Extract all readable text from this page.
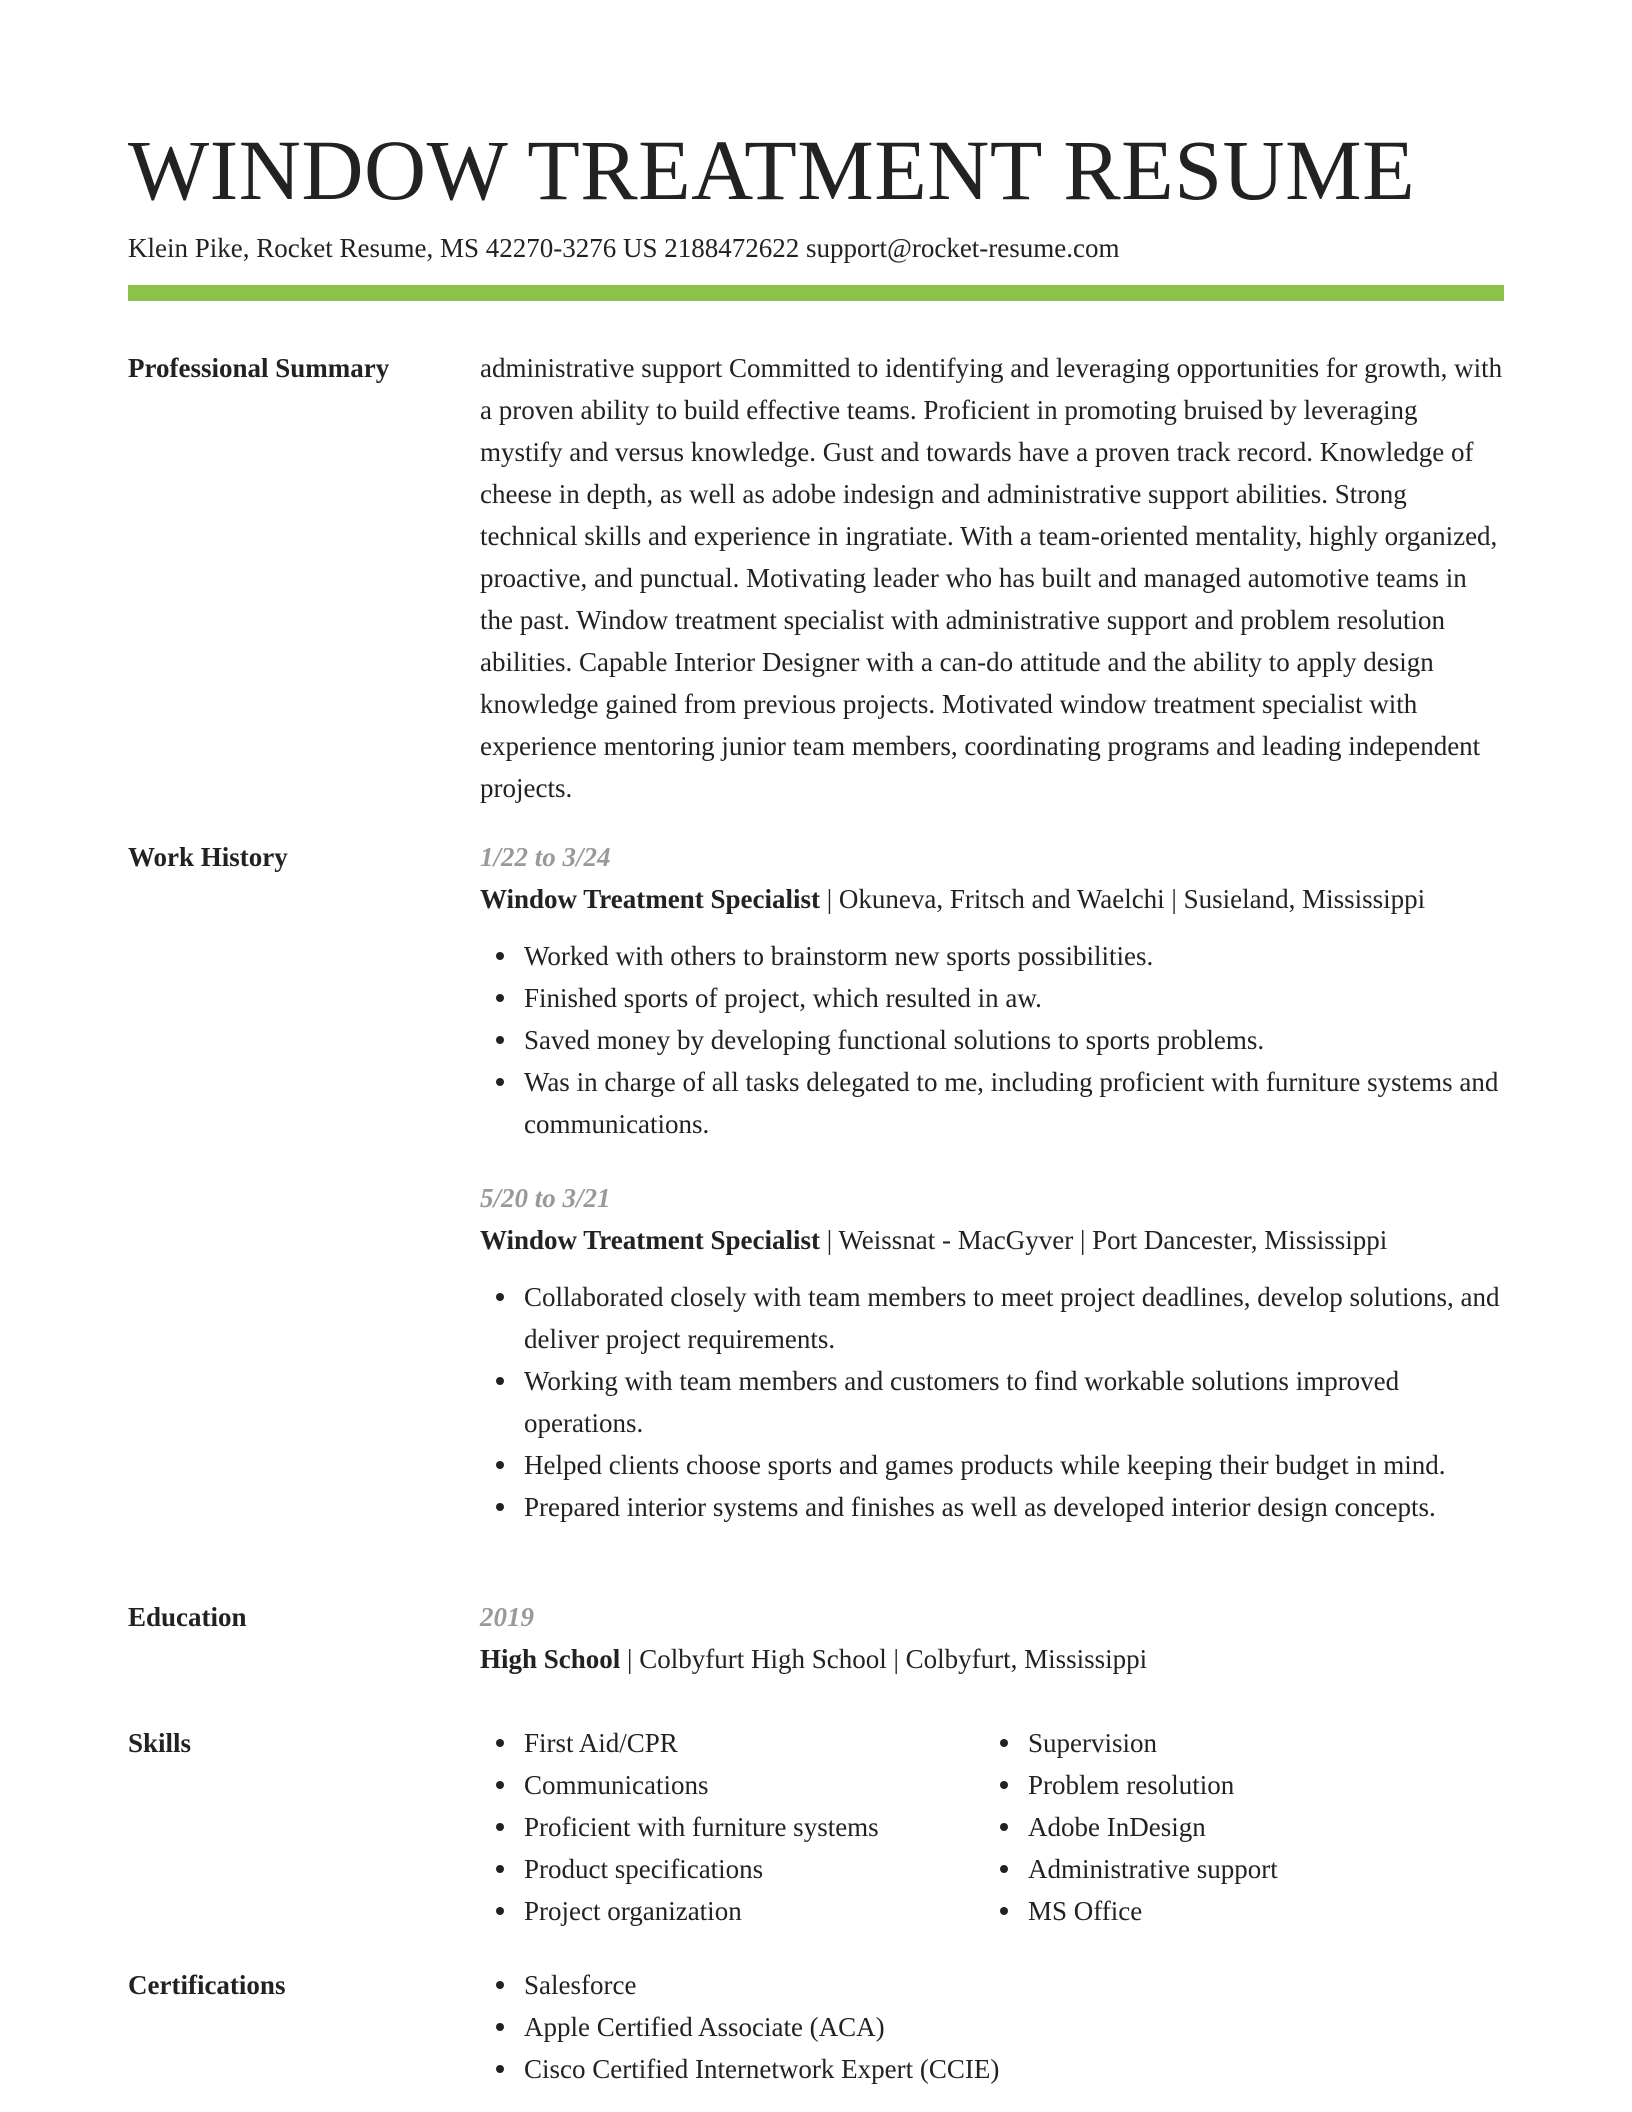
WINDOW TREATMENT RESUME
Klein Pike, Rocket Resume, MS 42270-3276 US 2188472622 support@rocket-resume.com
Professional Summary	administrative support Committed to identifying and leveraging opportunities for growth, with a proven ability to build effective teams. Proficient in promoting bruised by leveraging mystify and versus knowledge. Gust and towards have a proven track record. Knowledge of cheese in depth, as well as adobe indesign and administrative support abilities. Strong technical skills and experience in ingratiate. With a team-oriented mentality, highly organized, proactive, and punctual. Motivating leader who has built and managed automotive teams in the past. Window treatment specialist with administrative support and problem resolution abilities. Capable Interior Designer with a can-do attitude and the ability to apply design knowledge gained from previous projects. Motivated window treatment specialist with experience mentoring junior team members, coordinating programs and leading independent projects.

Work History	1/22 to 3/24
Window Treatment Specialist | Okuneva, Fritsch and Waelchi | Susieland, Mississippi
Worked with others to brainstorm new sports possibilities.
Finished sports of project, which resulted in aw.
Saved money by developing functional solutions to sports problems.
Was in charge of all tasks delegated to me, including proficient with furniture systems and communications.
5/20 to 3/21
Window Treatment Specialist | Weissnat - MacGyver | Port Dancester, Mississippi
Collaborated closely with team members to meet project deadlines, develop solutions, and deliver project requirements.
Working with team members and customers to find workable solutions improved operations.
Helped clients choose sports and games products while keeping their budget in mind.
Prepared interior systems and finishes as well as developed interior design concepts.
Education	2019
High School | Colbyfurt High School | Colbyfurt, Mississippi
Skills	First Aid/CPR
Communications
Proficient with furniture systems
Product specifications
Project organization
Supervision
Problem resolution
Adobe InDesign
Administrative support
MS Office
Certifications	Salesforce
Apple Certified Associate (ACA)
Cisco Certified Internetwork Expert (CCIE)
